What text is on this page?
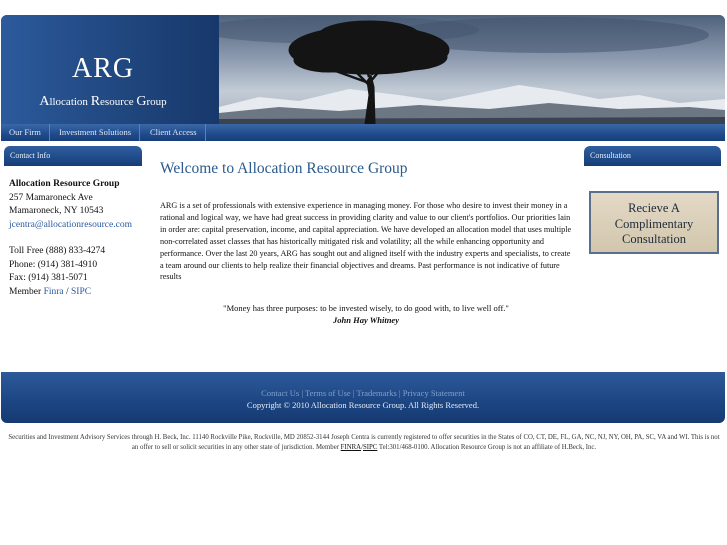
ARG
Allocation Resource Group
Our Firm	Investment Solutions	Client Access
Contact Info
Allocation Resource Group
257 Mamaroneck Ave
Mamaroneck, NY 10543
jcentra@allocationresource.com
Toll Free (888) 833-4274
Phone: (914) 381-4910
Fax: (914) 381-5071
Member Finra / SIPC
Welcome to Allocation Resource Group
ARG is a set of professionals with extensive experience in managing money. For those who desire to invest their money in a rational and logical way, we have had great success in providing clarity and value to our client's portfolios. Our priorities lain in order are: capital preservation, income, and capital appreciation. We have developed an allocation model that uses multiple non-correlated asset classes that has historically mitigated risk and volatility; all the while enhancing opportunity and performance. Over the last 20 years, ARG has sought out and aligned itself with the industry experts and specialists, to create a team around our clients to help realize their financial objectives and dreams. Past performance is not indicative of future results
"Money has three purposes: to be invested wisely, to do good with, to live well off."
John Hay Whitney
Consultation
Recieve A
Complimentary
Consultation
Contact Us | Terms of Use | Trademarks | Privacy Statement
Copyright © 2010 Allocation Resource Group. All Rights Reserved.
Securities and Investment Advisory Services through H. Beck, Inc. 11140 Rockville Pike, Rockville, MD 20852-3144 Joseph Centra is currently registered to offer securities in the States of CO, CT, DE, FL, GA, NC, NJ, NY, OH, PA, SC, VA and WI. This is not an offer to sell or solicit securities in any other state of jurisdiction. Member FINRA/SIPC Tel:301/468-0100. Allocation Resource Group is not an affiliate of H.Beck, Inc.
